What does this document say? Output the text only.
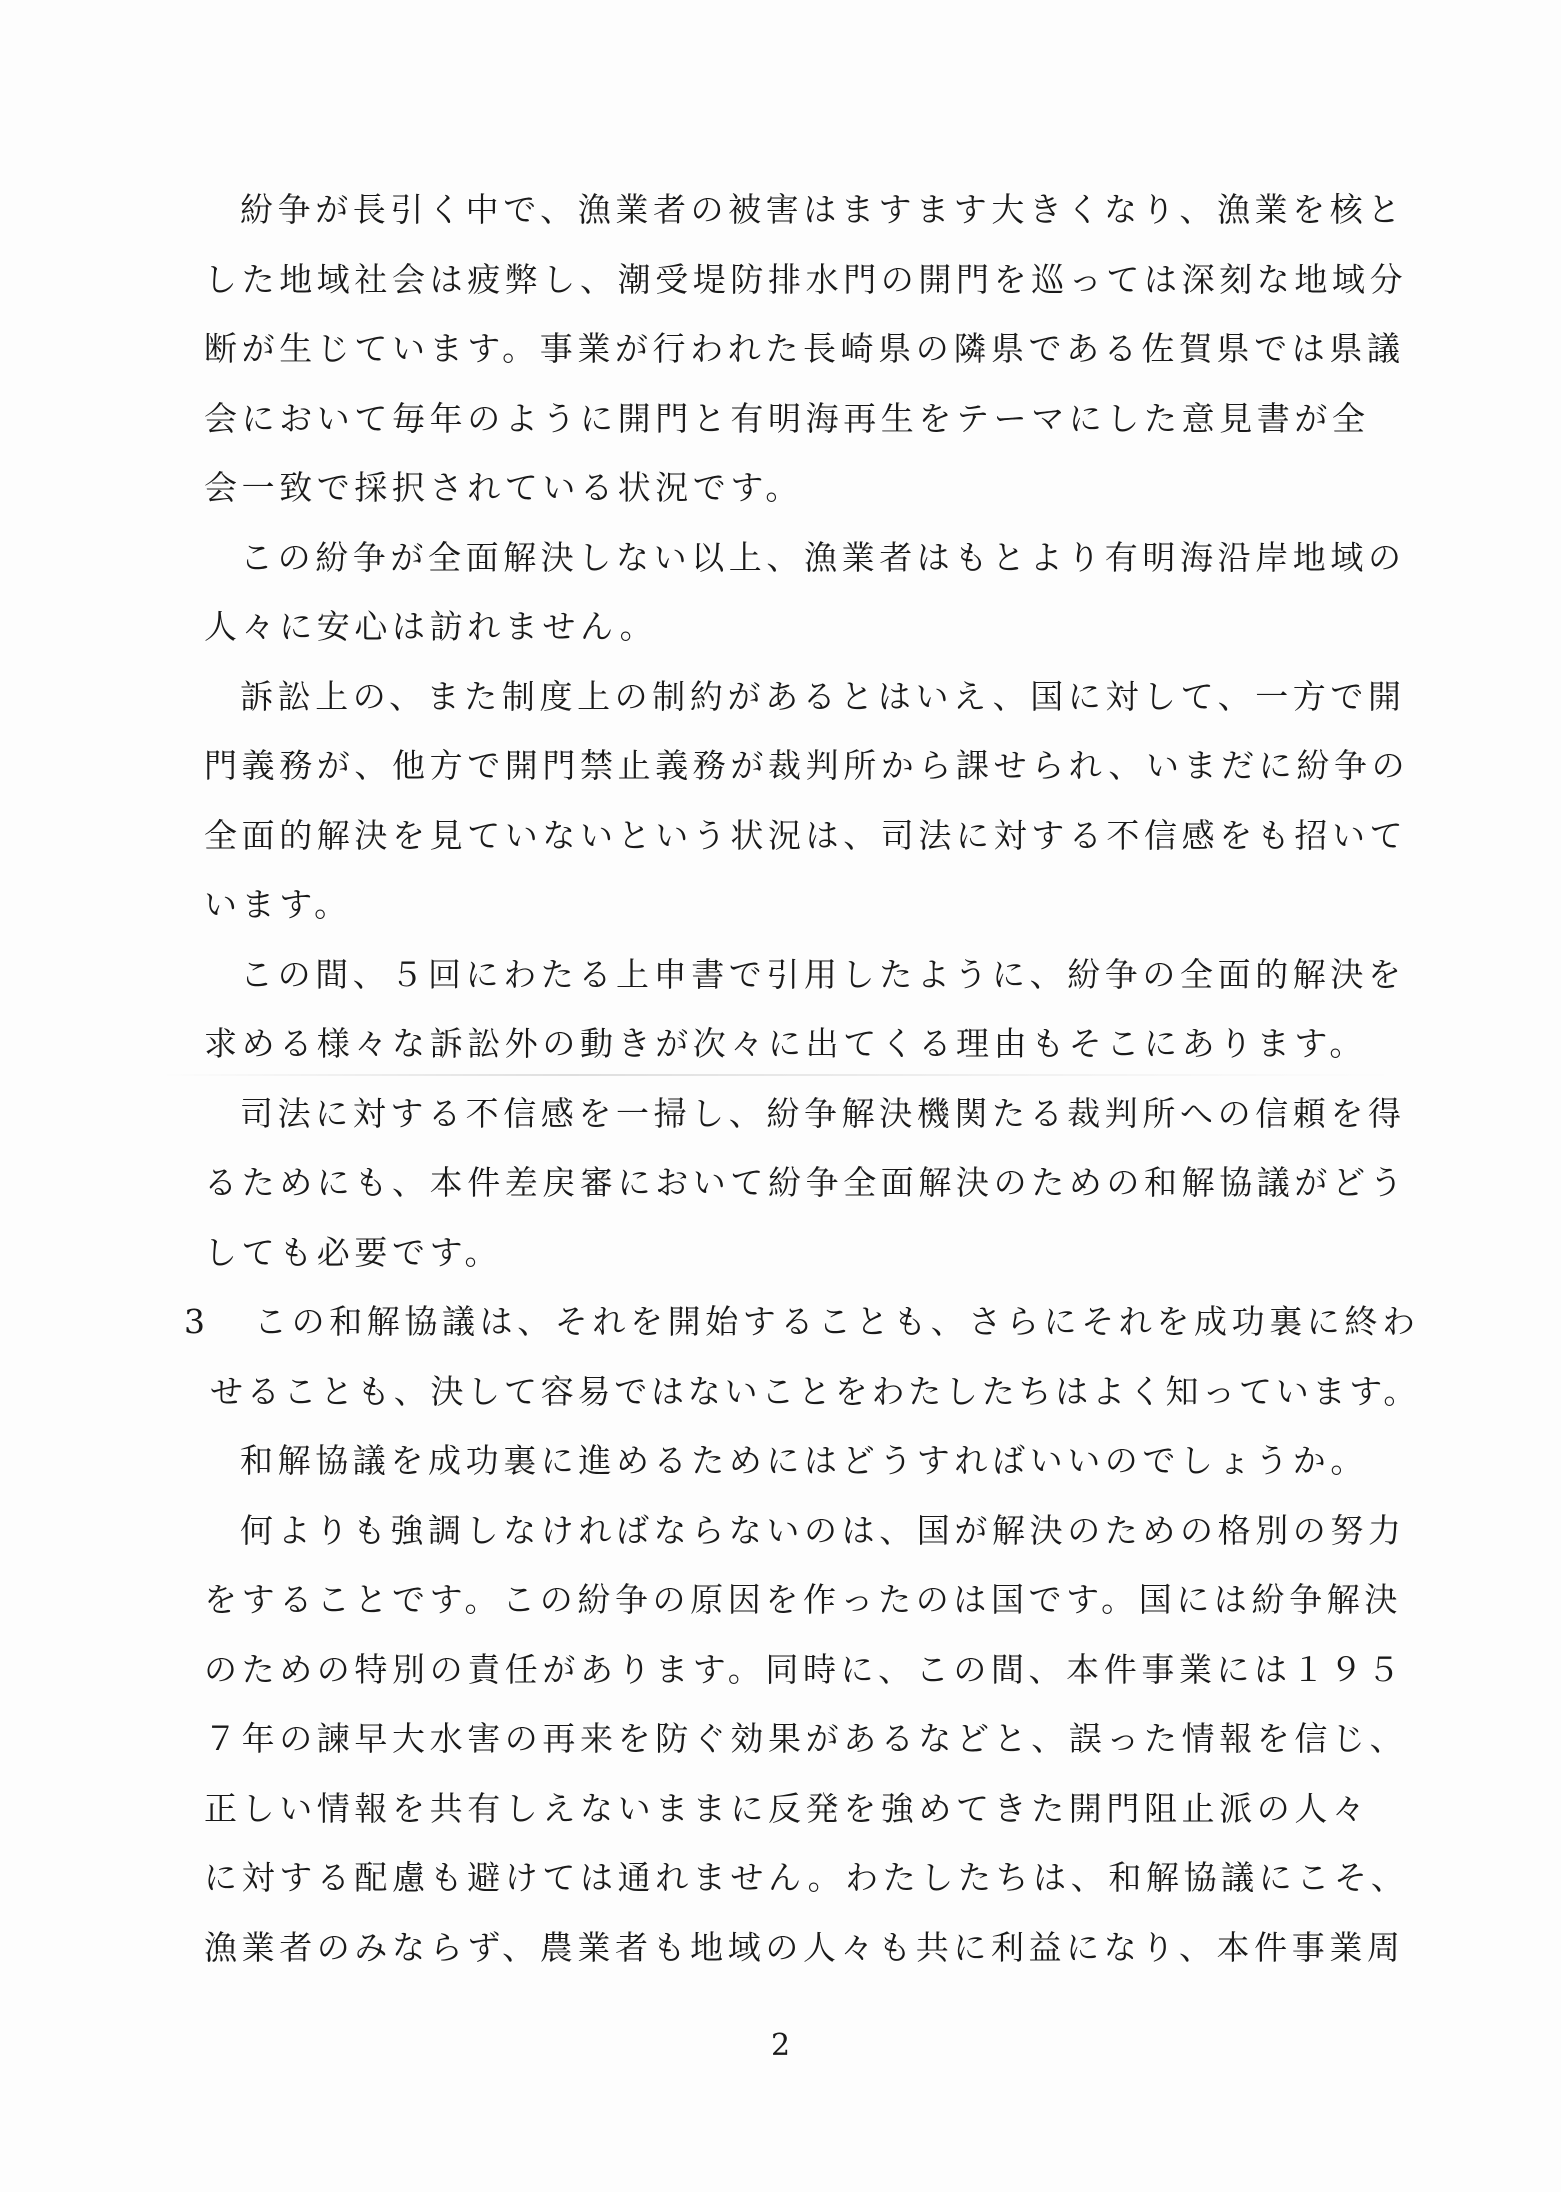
紛争が長引く中で、漁業者の被害はますます大きくなり、漁業を核と
した地域社会は疲弊し、潮受堤防排水門の開門を巡っては深刻な地域分
断が生じています。事業が行われた長崎県の隣県である佐賀県では県議
会において毎年のように開門と有明海再生をテーマにした意見書が全
会一致で採択されている状況です。
この紛争が全面解決しない以上、漁業者はもとより有明海沿岸地域の
人々に安心は訪れません。
訴訟上の、また制度上の制約があるとはいえ、国に対して、一方で開
門義務が、他方で開門禁止義務が裁判所から課せられ、いまだに紛争の
全面的解決を見ていないという状況は、司法に対する不信感をも招いて
います。
この間、５回にわたる上申書で引用したように、紛争の全面的解決を
求める様々な訴訟外の動きが次々に出てくる理由もそこにあります。
司法に対する不信感を一掃し、紛争解決機関たる裁判所への信頼を得
るためにも、本件差戻審において紛争全面解決のための和解協議がどう
しても必要です。
3 この和解協議は、それを開始することも、さらにそれを成功裏に終わ
せることも、決して容易ではないことをわたしたちはよく知っています。
和解協議を成功裏に進めるためにはどうすればいいのでしょうか。
何よりも強調しなければならないのは、国が解決のための格別の努力
をすることです。この紛争の原因を作ったのは国です。国には紛争解決
のための特別の責任があります。同時に、この間、本件事業には１９５
７年の諫早大水害の再来を防ぐ効果があるなどと、誤った情報を信じ、
正しい情報を共有しえないままに反発を強めてきた開門阻止派の人々
に対する配慮も避けては通れません。わたしたちは、和解協議にこそ、
漁業者のみならず、農業者も地域の人々も共に利益になり、本件事業周
2
